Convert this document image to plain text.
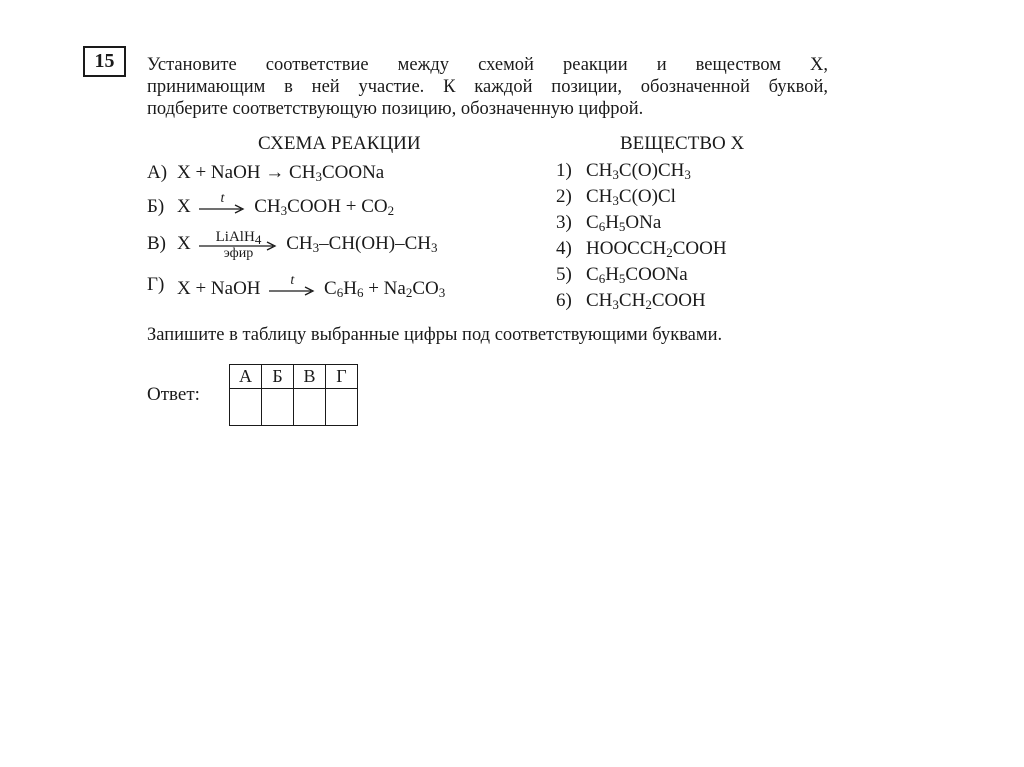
15	Установите соответствие между схемой реакции и веществом X,
принимающим в ней участие. К каждой позиции, обозначенной буквой,
подберите соответствующую позицию, обозначенную цифрой.
СХЕМА РЕАКЦИИ	ВЕЩЕСТВО X
А) X + NaOH → $CH_3COONa$
Б) X	t	$CH_3COOH + CO_2$
В) X	LiAlH$_4$
эфир	$CH_3-CH(OH)-CH_3$
Г) X + NaOH	t	$C_6H_6 + Na_2CO_3$
1) $CH_3C(O)CH_3$
2) $CH_3C(O)Cl$
3) $C_6H_5ONa$
4) $HOOCCH_2COOH$
5) $C_6H_5COONa$
6) $CH_3CH_2COOH$
Запишите в таблицу выбранные цифры под соответствующими буквами.
Ответ:
А	Б	В	Г
